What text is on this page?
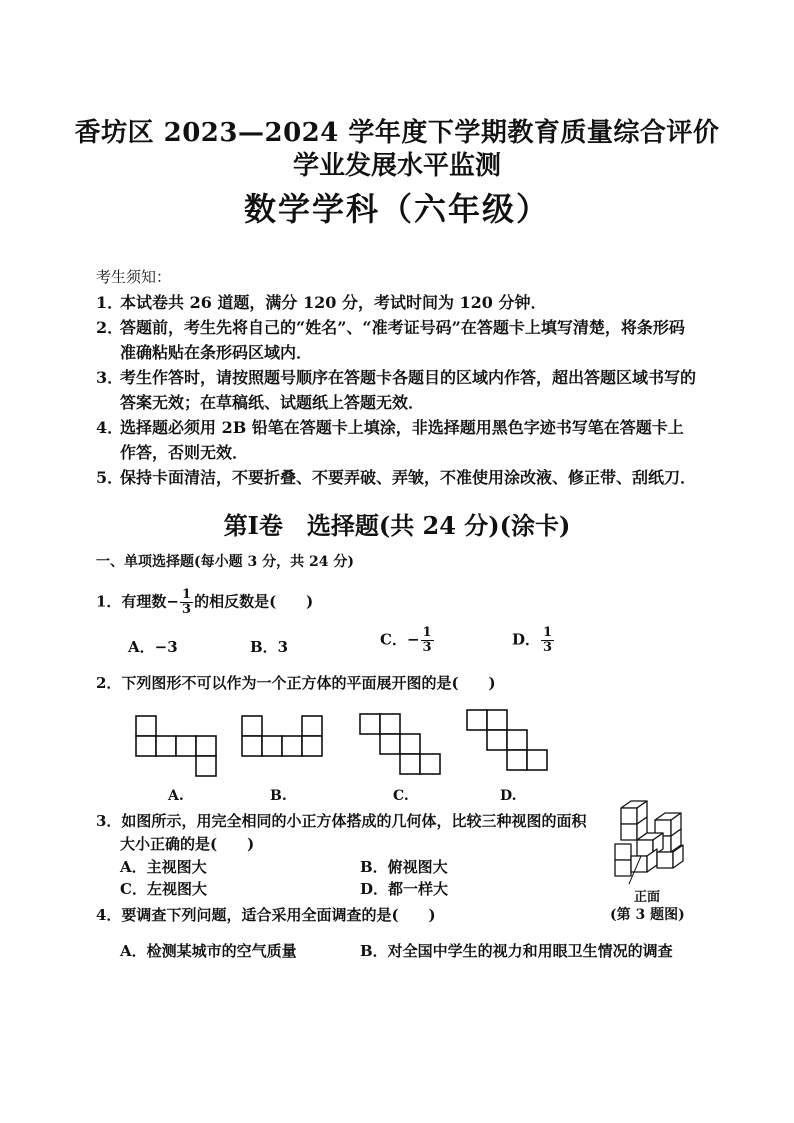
香坊区 2023—2024 学年度下学期教育质量综合评价
学业发展水平监测
数学学科（六年级）
考生须知：
1．
本试卷共 26 道题，满分 120 分，考试时间为 120 分钟．
2．
答题前，考生先将自己的“姓名”、“准考证号码”在答题卡上填写清楚，将条形码准确粘贴在条形码区域内．
3．
考生作答时，请按照题号顺序在答题卡各题目的区域内作答，超出答题区域书写的答案无效；在草稿纸、试题纸上答题无效．
4．
选择题必须用 2B 铅笔在答题卡上填涂，非选择题用黑色字迹书写笔在答题卡上作答，否则无效．
5．
保持卡面清洁，不要折叠、不要弄破、弄皱，不准使用涂改液、修正带、刮纸刀．
第I卷　选择题(共 24 分)(涂卡)
一、单项选择题(每小题 3 分，共 24 分)
1．有理数− $\frac{1}{3}$ 的相反数是(　　)
A．−3	B．3	C．− $\frac{1}{3}$	D． $\frac{1}{3}$
2．下列图形不可以作为一个正方体的平面展开图的是(　　)
A.	B.	C.	D.
3．如图所示，用完全相同的小正方体搭成的几何体，比较三种视图的面积
大小正确的是(　　)
A．主视图大	B．俯视图大
C．左视图大	D．都一样大	正面
(第 3 题图)
4．要调查下列问题，适合采用全面调查的是(　　)
A．检测某城市的空气质量	B．对全国中学生的视力和用眼卫生情况的调查
